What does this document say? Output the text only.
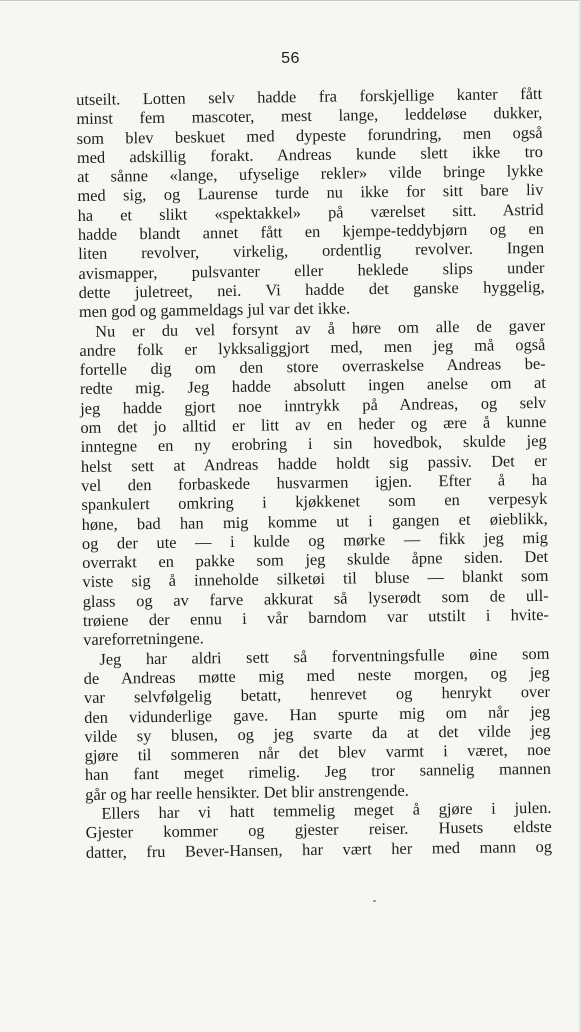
56
utseilt. Lotten selv hadde fra forskjellige kanter fått
minst fem mascoter, mest lange, leddeløse dukker,
som blev beskuet med dypeste forundring, men også
med adskillig forakt. Andreas kunde slett ikke tro
at sånne «lange, ufyselige rekler» vilde bringe lykke
med sig, og Laurense turde nu ikke for sitt bare liv
ha et slikt «spektakkel» på værelset sitt. Astrid
hadde blandt annet fått en kjempe-teddybjørn og en
liten revolver, virkelig, ordentlig revolver. Ingen
avismapper, pulsvanter eller heklede slips under
dette juletreet, nei. Vi hadde det ganske hyggelig,
men god og gammeldags jul var det ikke.
Nu er du vel forsynt av å høre om alle de gaver
andre folk er lykksaliggjort med, men jeg må også
fortelle dig om den store overraskelse Andreas be-
redte mig. Jeg hadde absolutt ingen anelse om at
jeg hadde gjort noe inntrykk på Andreas, og selv
om det jo alltid er litt av en heder og ære å kunne
inntegne en ny erobring i sin hovedbok, skulde jeg
helst sett at Andreas hadde holdt sig passiv. Det er
vel den forbaskede husvarmen igjen. Efter å ha
spankulert omkring i kjøkkenet som en verpesyk
høne, bad han mig komme ut i gangen et øieblikk,
og der ute — i kulde og mørke — fikk jeg mig
overrakt en pakke som jeg skulde åpne siden. Det
viste sig å inneholde silketøi til bluse — blankt som
glass og av farve akkurat så lyserødt som de ull-
trøiene der ennu i vår barndom var utstilt i hvite-
vareforretningene.
Jeg har aldri sett så forventningsfulle øine som
de Andreas møtte mig med neste morgen, og jeg
var selvfølgelig betatt, henrevet og henrykt over
den vidunderlige gave. Han spurte mig om når jeg
vilde sy blusen, og jeg svarte da at det vilde jeg
gjøre til sommeren når det blev varmt i været, noe
han fant meget rimelig. Jeg tror sannelig mannen
går og har reelle hensikter. Det blir anstrengende.
Ellers har vi hatt temmelig meget å gjøre i julen.
Gjester kommer og gjester reiser. Husets eldste
datter, fru Bever-Hansen, har vært her med mann og
